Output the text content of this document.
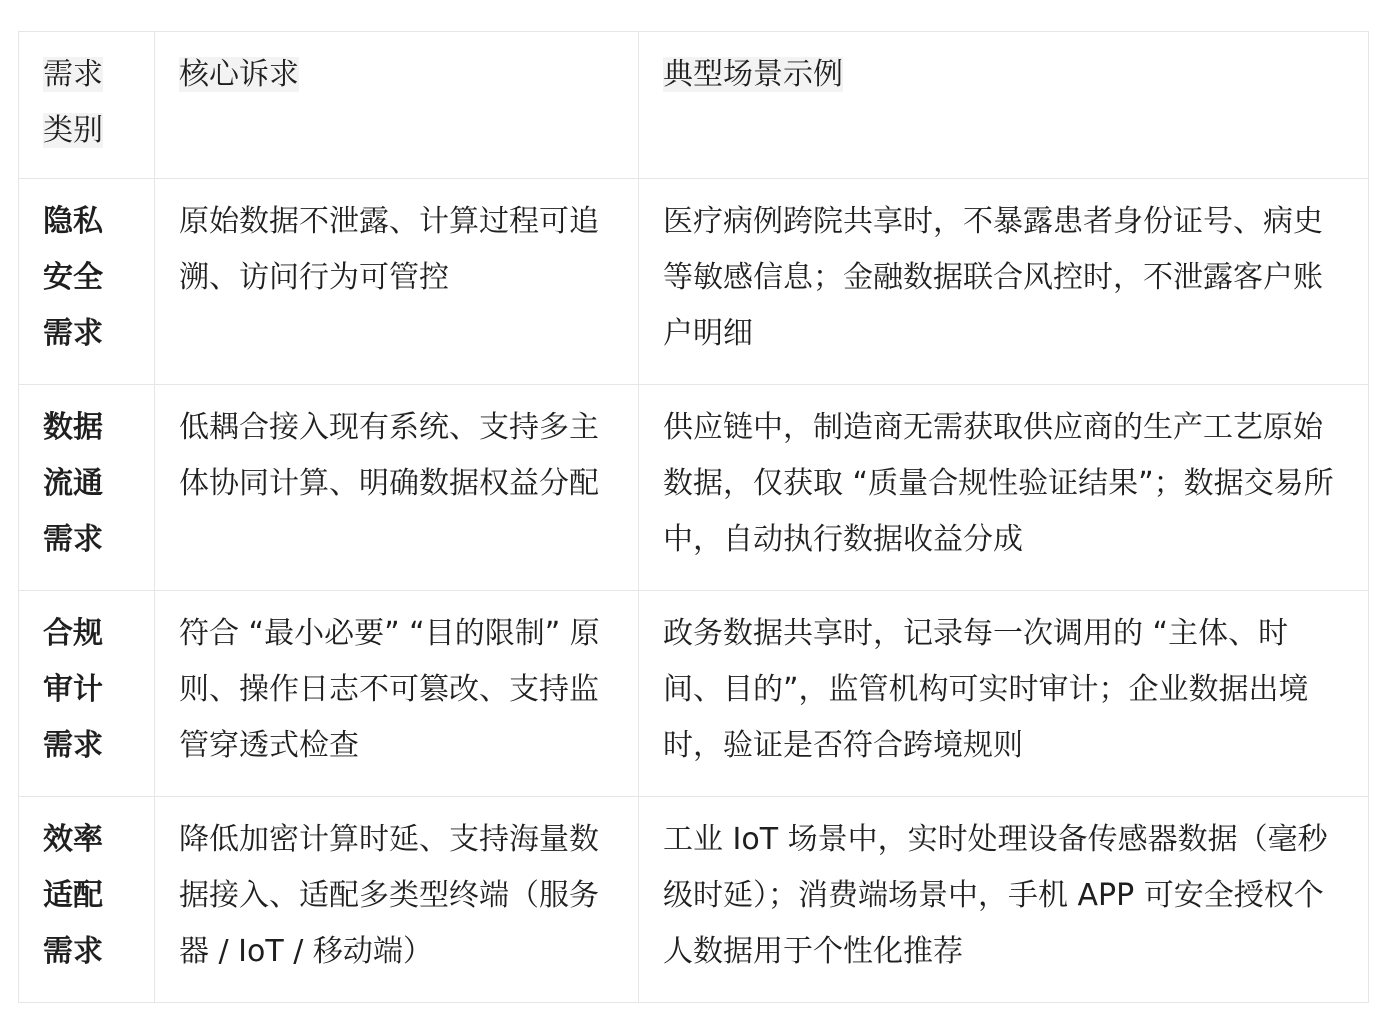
需求类别	核心诉求	典型场景示例
隐私安全需求	原始数据不泄露、计算过程可追溯、访问行为可管控	医疗病例跨院共享时，不暴露患者身份证号、病史等敏感信息；金融数据联合风控时，不泄露客户账户明细
数据流通需求	低耦合接入现有系统、支持多主体协同计算、明确数据权益分配	供应链中，制造商无需获取供应商的生产工艺原始数据，仅获取 “质量合规性验证结果”；数据交易所中，自动执行数据收益分成
合规审计需求	符合 “最小必要” “目的限制” 原则、操作日志不可篡改、支持监管穿透式检查	政务数据共享时，记录每一次调用的 “主体、时间、目的”，监管机构可实时审计；企业数据出境时，验证是否符合跨境规则
效率适配需求	降低加密计算时延、支持海量数据接入、适配多类型终端（服务器 / IoT / 移动端）	工业 IoT 场景中，实时处理设备传感器数据（毫秒级时延）；消费端场景中，手机 APP 可安全授权个人数据用于个性化推荐
